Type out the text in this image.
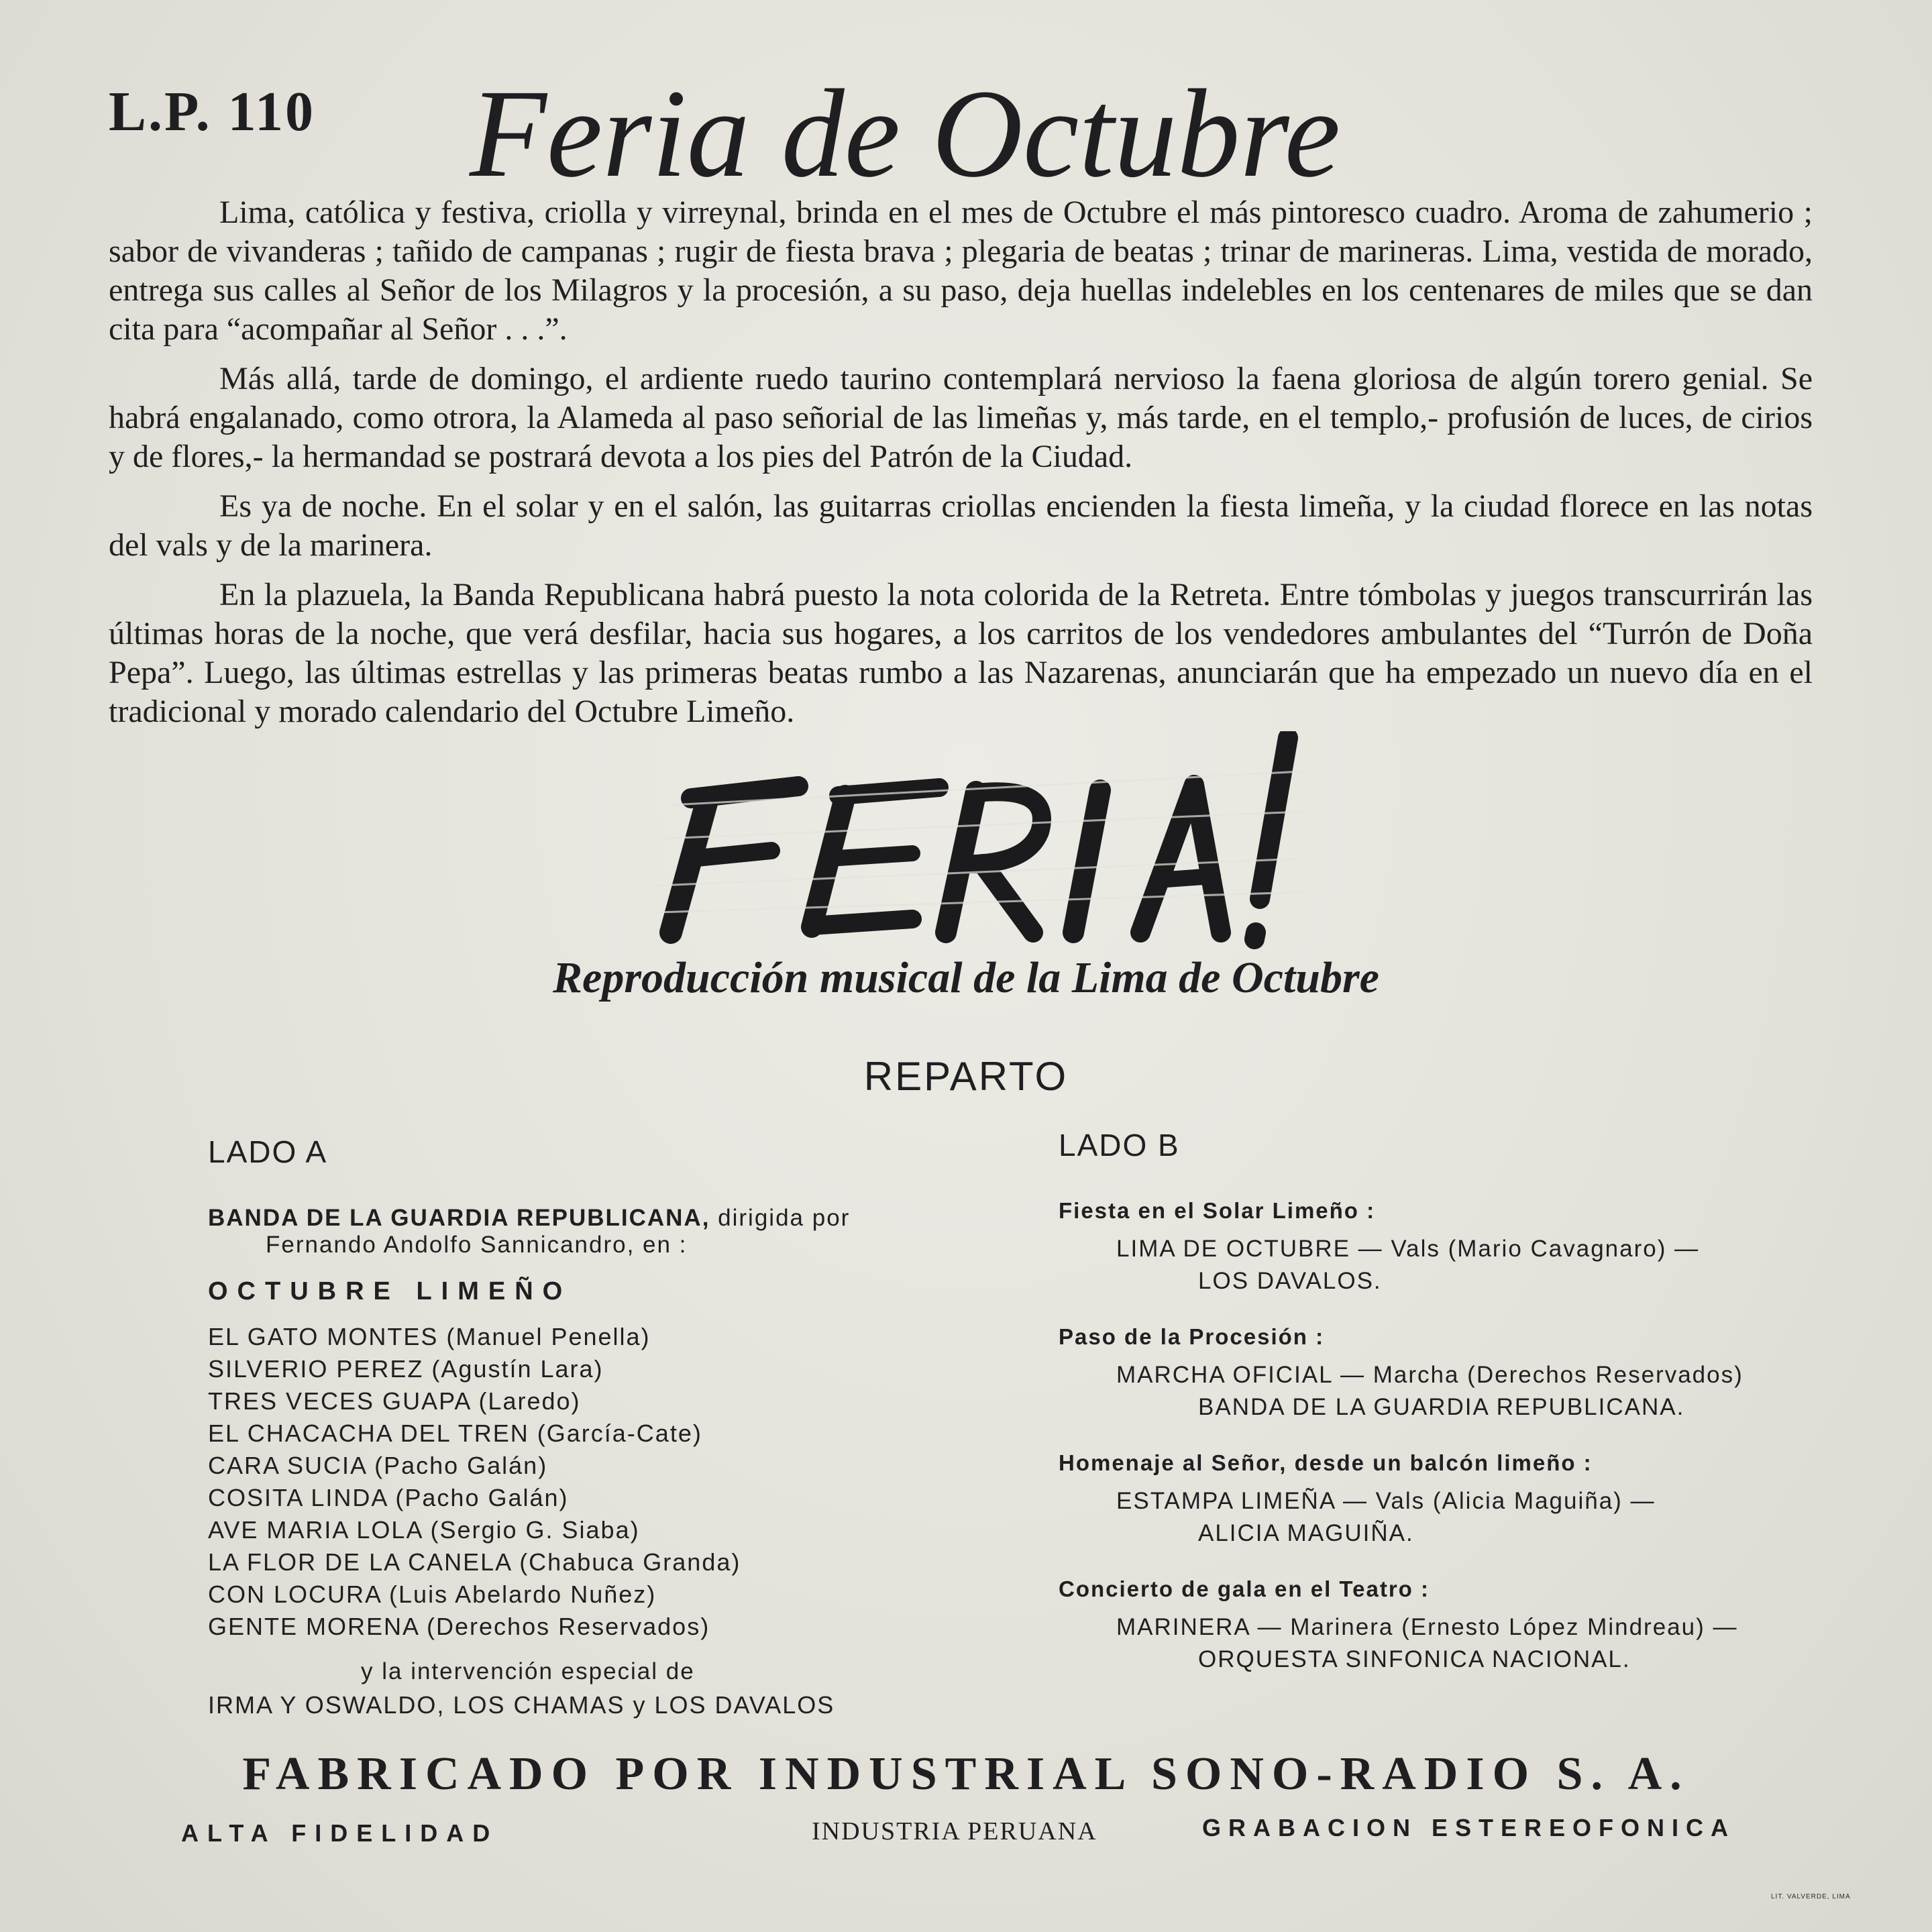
L.P. 110 Feria de Octubre

Lima, católica y festiva, criolla y virreynal, brinda en el mes de Octubre el más pintoresco cuadro. Aroma de zahumerio ; sabor de vivanderas ; tañido de campanas ; rugir de fiesta brava ; plegaria de beatas ; trinar de marineras. Lima, vestida de morado, entrega sus calles al Señor de los Milagros y la procesión, a su paso, deja huellas indelebles en los centenares de miles que se dan cita para “acompañar al Señor . . .”.

Más allá, tarde de domingo, el ardiente ruedo taurino contemplará nervioso la faena gloriosa de algún torero genial. Se habrá engalanado, como otrora, la Alameda al paso señorial de las limeñas y, más tarde, en el templo,- profusión de luces, de cirios y de flores,- la hermandad se postrará devota a los pies del Patrón de la Ciudad.

Es ya de noche. En el solar y en el salón, las guitarras criollas encienden la fiesta limeña, y la ciudad florece en las notas del vals y de la marinera.

En la plazuela, la Banda Republicana habrá puesto la nota colorida de la Retreta. Entre tómbolas y juegos transcurrirán las últimas horas de la noche, que verá desfilar, hacia sus hogares, a los carritos de los vendedores ambulantes del “Turrón de Doña Pepa”. Luego, las últimas estrellas y las primeras beatas rumbo a las Nazarenas, anunciarán que ha empezado un nuevo día en el tradicional y morado calendario del Octubre Limeño.

Reproducción musical de la Lima de Octubre
REPARTO
LADO A
BANDA DE LA GUARDIA REPUBLICANA, dirigida por
Fernando Andolfo Sannicandro, en :
OCTUBRE LIMEÑO
EL GATO MONTES (Manuel Penella)
SILVERIO PEREZ (Agustín Lara)
TRES VECES GUAPA (Laredo)
EL CHACACHA DEL TREN (García-Cate)
CARA SUCIA (Pacho Galán)
COSITA LINDA (Pacho Galán)
AVE MARIA LOLA (Sergio G. Siaba)
LA FLOR DE LA CANELA (Chabuca Granda)
CON LOCURA (Luis Abelardo Nuñez)
GENTE MORENA (Derechos Reservados)
y la intervención especial de
IRMA Y OSWALDO, LOS CHAMAS y LOS DAVALOS
LADO B
Fiesta en el Solar Limeño :
LIMA DE OCTUBRE — Vals (Mario Cavagnaro) —
LOS DAVALOS.
Paso de la Procesión :
MARCHA OFICIAL — Marcha (Derechos Reservados)
BANDA DE LA GUARDIA REPUBLICANA.
Homenaje al Señor, desde un balcón limeño :
ESTAMPA LIMEÑA — Vals (Alicia Maguiña) —
ALICIA MAGUIÑA.
Concierto de gala en el Teatro :
MARINERA — Marinera (Ernesto López Mindreau) —
ORQUESTA SINFONICA NACIONAL.
FABRICADO POR INDUSTRIAL SONO-RADIO S. A.
ALTA FIDELIDAD	INDUSTRIA PERUANA	GRABACION ESTEREOFONICA
LIT. VALVERDE, LIMA
